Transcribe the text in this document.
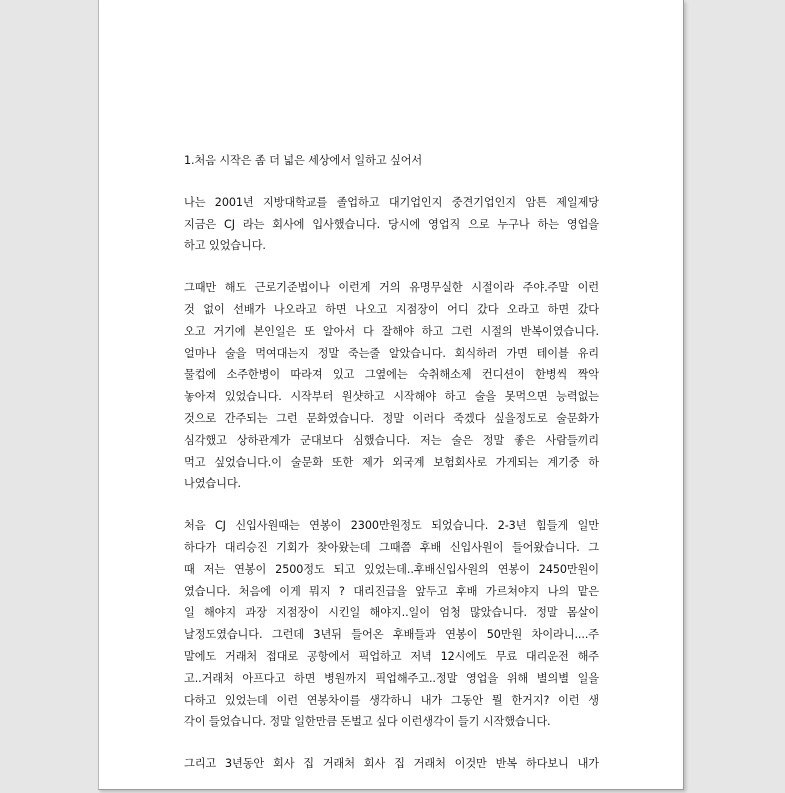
1.처음 시작은 좀 더 넓은 세상에서 일하고 싶어서
나는 2001년 지방대학교를 졸업하고 대기업인지 중견기업인지 암튼 제일제당
지금은 CJ 라는 회사에 입사했습니다. 당시에 영업직 으로 누구나 하는 영업을
하고 있었습니다.
그때만 해도 근로기준법이나 이런게 거의 유명무실한 시절이라 주야.주말 이런
것 없이 선배가 나오라고 하면 나오고 지점장이 어디 갔다 오라고 하면 갔다
오고 거기에 본인일은 또 알아서 다 잘해야 하고 그런 시절의 반복이였습니다.
얼마나 술을 먹여대는지 정말 죽는줄 알았습니다. 회식하러 가면 테이블 유리
물컵에 소주한병이 따라져 있고 그옆에는 숙취해소제 컨디션이 한병씩 짝악
놓아져 있었습니다. 시작부터 원샷하고 시작해야 하고 술을 못먹으면 능력없는
것으로 간주되는 그런 문화였습니다. 정말 이러다 죽겠다 싶을정도로 술문화가
심각했고 상하관계가 군대보다 심했습니다. 저는 술은 정말 좋은 사람들끼리
먹고 싶었습니다.이 술문화 또한 제가 외국계 보험회사로 가게되는 계기중 하
나였습니다.
처음 CJ 신입사원때는 연봉이 2300만원정도 되었습니다. 2-3년 힘들게 일만
하다가 대리승진 기회가 찾아왔는데 그때쯤 후배 신입사원이 들어왔습니다. 그
때 저는 연봉이 2500정도 되고 있었는데..후배신입사원의 연봉이 2450만원이
였습니다. 처음에 이게 뭐지 ? 대리진급을 앞두고 후배 가르쳐야지 나의 맡은
일 해야지 과장 지점장이 시킨일 해야지..일이 엄청 많았습니다. 정말 몸살이
날정도였습니다. 그런데 3년뒤 들어온 후배들과 연봉이 50만원 차이라니....주
말에도 거래처 접대로 공항에서 픽업하고 저녁 12시에도 무료 대리운전 해주
고..거래처 아프다고 하면 병원까지 픽업해주고..정말 영업을 위해 별의별 일을
다하고 있었는데 이런 연봉차이를 생각하니 내가 그동안 뭘 한거지? 이런 생
각이 들었습니다. 정말 일한만큼 돈벌고 싶다 이런생각이 들기 시작했습니다.
그리고 3년동안 회사 집 거래처 회사 집 거래처 이것만 반복 하다보니 내가
